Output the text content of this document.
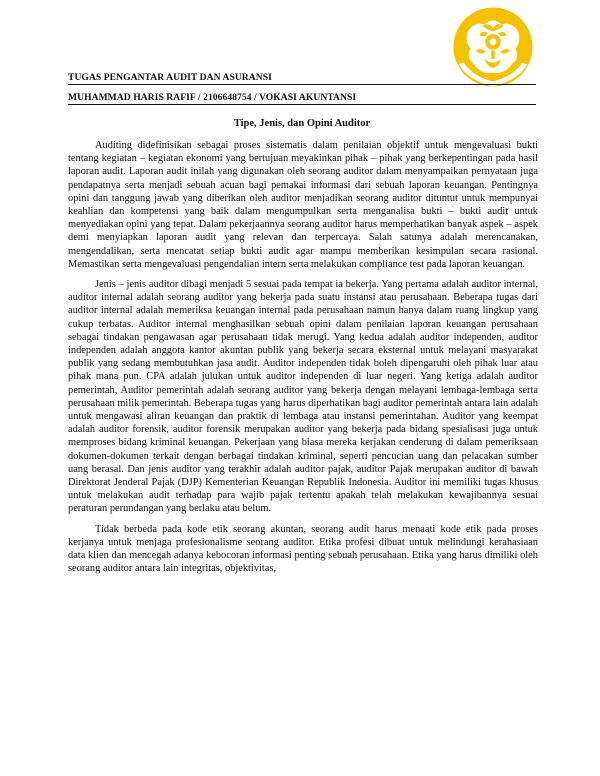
TUGAS PENGANTAR AUDIT DAN ASURANSI
MUHAMMAD HARIS RAFIF / 2106648754 / VOKASI AKUNTANSI
Tipe, Jenis, dan Opini Auditor

Auditing didefinisikan sebagai proses sistematis dalam penilaian objektif untuk mengevaluasi bukti tentang kegiatan – kegiatan ekonomi yang bertujuan meyakinkan pihak – pihak yang berkepentingan pada hasil laporan audit. Laporan audit inilah yang digunakan oleh seorang auditor dalam menyampaikan pernyataan juga pendapatnya serta menjadi sebuah acuan bagi pemakai informasi dari sebuah laporan keuangan. Pentingnya opini dan tanggung jawab yang diberikan oleh auditor menjadikan seorang auditor dituntut untuk mempunyai keahlian dan kompetensi yang baik dalam mengumpulkan serta menganalisa bukti – bukti audit untuk menyediakan opini yang tepat. Dalam pekerjaannya seorang auditor harus memperhatikan banyak aspek – aspek demi menyiapkan laporan audit yang relevan dan terpercaya. Salah satunya adalah merencanakan, mengendalikan, serta mencatat setiap bukti audit agar mampu memberikan kesimpulan secara rasional. Memastikan serta mengevaluasi pengendalian intern serta melakukan compliance test pada laporan keuangan.

Jenis – jenis auditor dibagi menjadi 5 sesuai pada tempat ia bekerja. Yang pertama adalah auditor internal, auditor internal adalah seorang auditor yang bekerja pada suatu instansi atau perusahaan. Beberapa tugas dari auditor internal adalah memeriksa keuangan internal pada perusahaan namun hanya dalam ruang lingkup yang cukup terbatas. Auditor internal menghasilkan sebuah opini dalam penilaian laporan keuangan perusahaan sebagai tindakan pengawasan agar perusahaan tidak merugi. Yang kedua adalah auditor independen, auditor independen adalah anggota kantor akuntan publik yang bekerja secara eksternal untuk melayani masyarakat publik yang sedang membutuhkan jasa audit. Auditor independen tidak boleh dipengaruhi oleh pihak luar atau pihak mana pun. CPA adalah julukan untuk auditor independen di luar negeri. Yang ketiga adalah auditor pemerintah, Auditor pemerintah adalah seorang auditor yang bekerja dengan melayani lembaga-lembaga serta perusahaan milik pemerintah. Beberapa tugas yang harus diperhatikan bagi auditor pemerintah antara lain adalah untuk mengawasi aliran keuangan dan praktik di lembaga atau instansi pemerintahan. Auditor yang keempat adalah auditor forensik, auditor forensik merupakan auditor yang bekerja pada bidang spesialisasi juga untuk memproses bidang kriminal keuangan. Pekerjaan yang biasa mereka kerjakan cenderung di dalam pemeriksaan dokumen-dokumen terkait dengan berbagai tindakan kriminal, seperti pencucian uang dan pelacakan sumber uang berasal. Dan jenis auditor yang terakhir adalah auditor pajak, auditor Pajak merupakan auditor di bawah Direktorat Jenderal Pajak (DJP) Kementerian Keuangan Republik Indonesia. Auditor ini memiliki tugas khusus untuk melakukan audit terhadap para wajib pajak tertentu apakah telah melakukan kewajibannya sesuai peraturan perundangan yang berlaku atau belum.

Tidak berbeda pada kode etik seorang akuntan, seorang audit harus menaati kode etik pada proses kerjanya untuk menjaga profesionalisme seorang auditor. Etika profesi dibuat untuk melindungi kerahasiaan data klien dan mencegah adanya kebocoran informasi penting sebuah perusahaan. Etika yang harus dimiliki oleh seorang auditor antara lain integritas, objektivitas,
